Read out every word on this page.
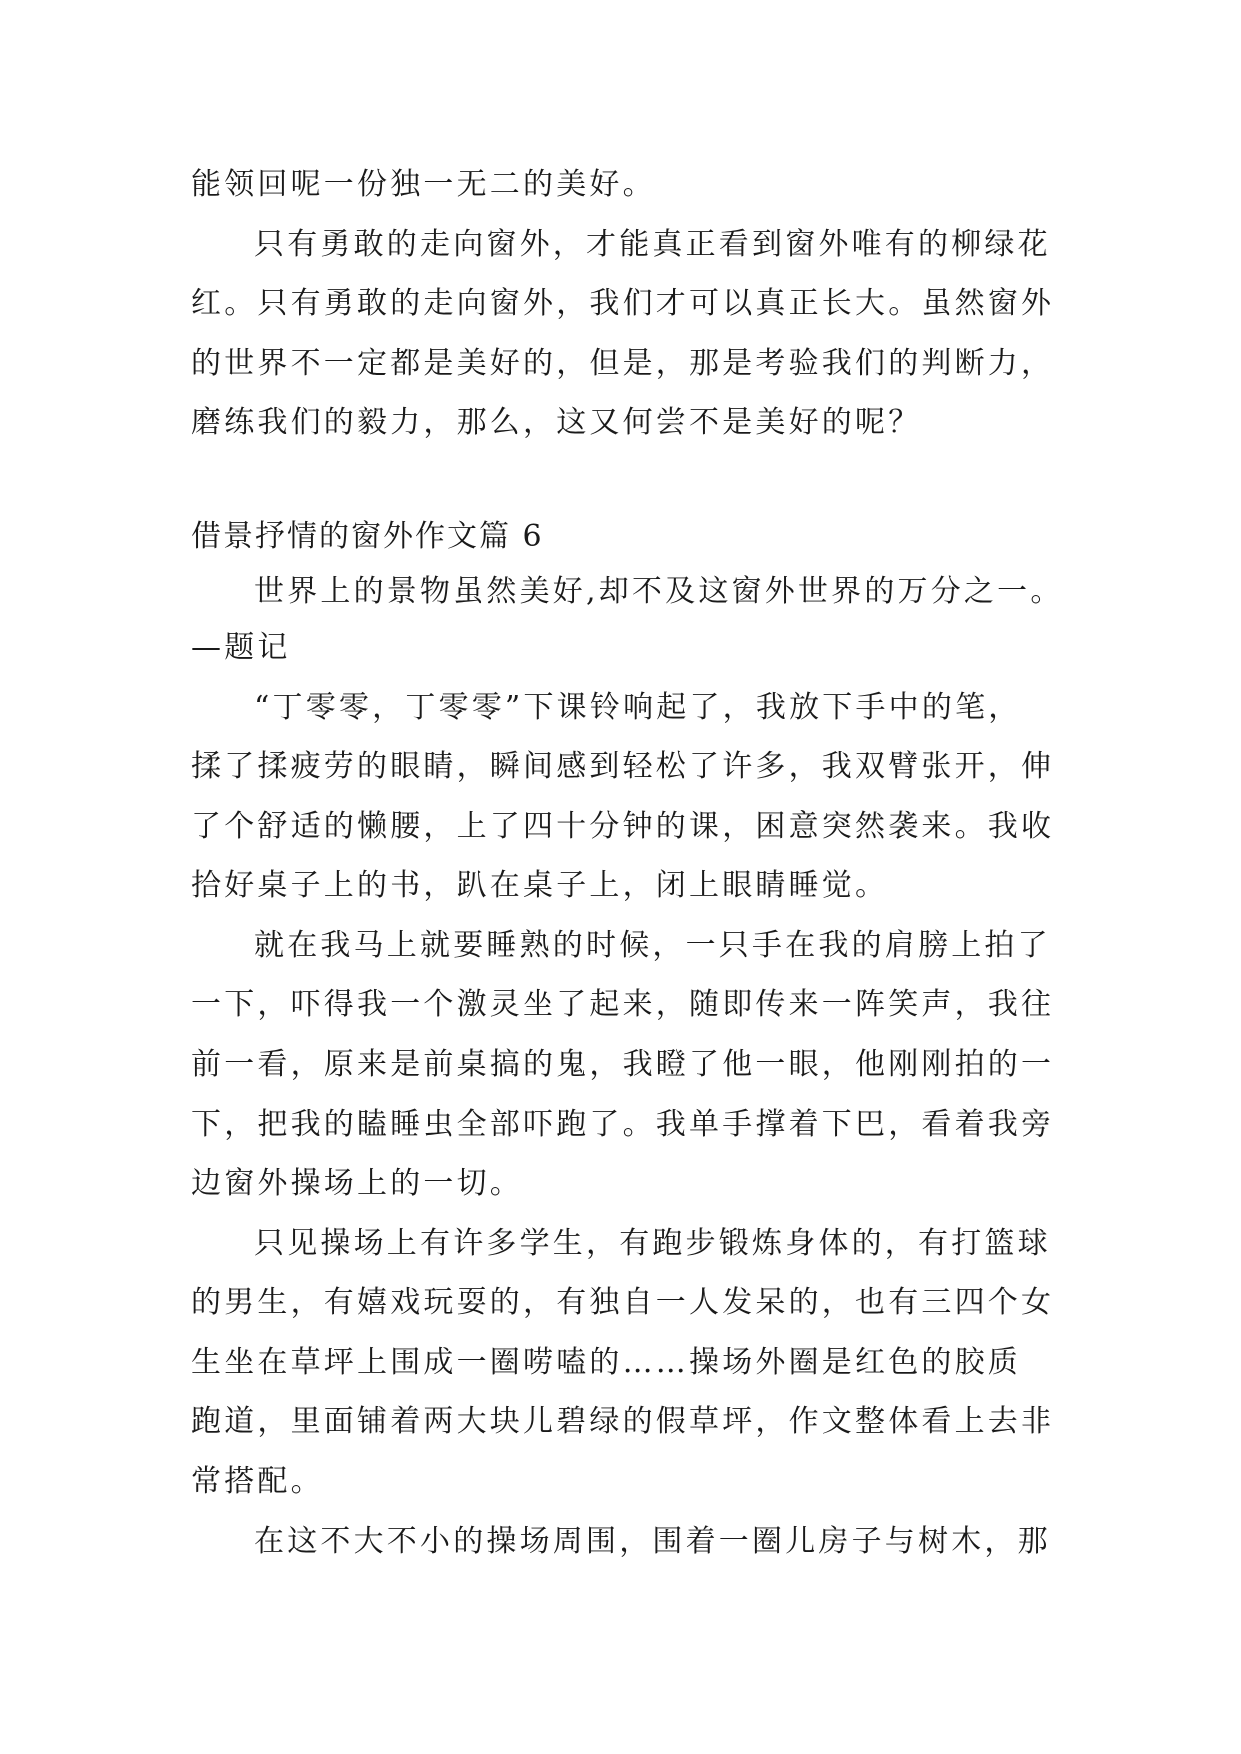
能领回呢一份独一无二的美好。
只有勇敢的走向窗外，才能真正看到窗外唯有的柳绿花
红。只有勇敢的走向窗外，我们才可以真正长大。虽然窗外
的世界不一定都是美好的，但是，那是考验我们的判断力，
磨练我们的毅力，那么，这又何尝不是美好的呢？
借景抒情的窗外作文篇 6
世界上的景物虽然美好,却不及这窗外世界的万分之一。
—题记
“丁零零，丁零零”下课铃响起了，我放下手中的笔，
揉了揉疲劳的眼睛，瞬间感到轻松了许多，我双臂张开，伸
了个舒适的懒腰，上了四十分钟的课，困意突然袭来。我收
拾好桌子上的书，趴在桌子上，闭上眼睛睡觉。
就在我马上就要睡熟的时候，一只手在我的肩膀上拍了
一下，吓得我一个激灵坐了起来，随即传来一阵笑声，我往
前一看，原来是前桌搞的鬼，我瞪了他一眼，他刚刚拍的一
下，把我的瞌睡虫全部吓跑了。我单手撑着下巴，看着我旁
边窗外操场上的一切。
只见操场上有许多学生，有跑步锻炼身体的，有打篮球
的男生，有嬉戏玩耍的，有独自一人发呆的，也有三四个女
生坐在草坪上围成一圈唠嗑的……操场外圈是红色的胶质
跑道，里面铺着两大块儿碧绿的假草坪，作文整体看上去非
常搭配。
在这不大不小的操场周围，围着一圈儿房子与树木，那
